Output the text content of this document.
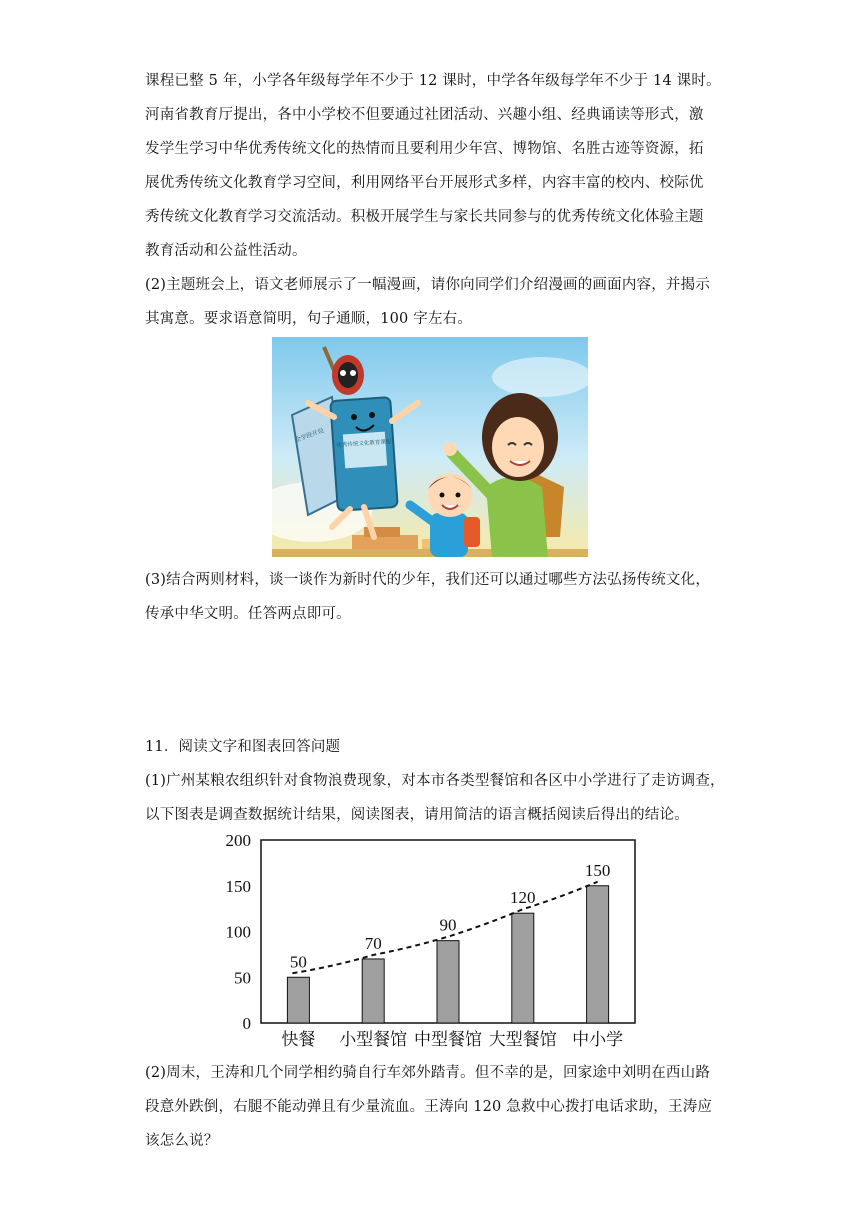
课程已整 5 年，小学各年级每学年不少于 12 课时，中学各年级每学年不少于 14 课时。
河南省教育厅提出，各中小学校不但要通过社团活动、兴趣小组、经典诵读等形式，激
发学生学习中华优秀传统文化的热情而且要利用少年宫、博物馆、名胜古迹等资源，拓
展优秀传统文化教育学习空间，利用网络平台开展形式多样，内容丰富的校内、校际优
秀传统文化教育学习交流活动。积极开展学生与家长共同参与的优秀传统文化体验主题
教育活动和公益性活动。
(2)主题班会上，语文老师展示了一幅漫画，请你向同学们介绍漫画的画面内容，并揭示
其寓意。要求语意简明，句子通顺，100 字左右。
优秀传统文化教育课程
全学段开设
(3)结合两则材料，谈一谈作为新时代的少年，我们还可以通过哪些方法弘扬传统文化，
传承中华文明。任答两点即可。
11．阅读文字和图表回答问题
(1)广州某粮农组织针对食物浪费现象，对本市各类型餐馆和各区中小学进行了走访调查，
以下图表是调查数据统计结果，阅读图表，请用简洁的语言概括阅读后得出的结论。
0
50
100
150
200
50
70
90
120
150
快餐 小型餐馆 中型餐馆 大型餐馆 中小学
(2)周末，王涛和几个同学相约骑自行车郊外踏青。但不幸的是，回家途中刘明在西山路
段意外跌倒，右腿不能动弹且有少量流血。王涛向 120 急救中心拨打电话求助，王涛应
该怎么说？
